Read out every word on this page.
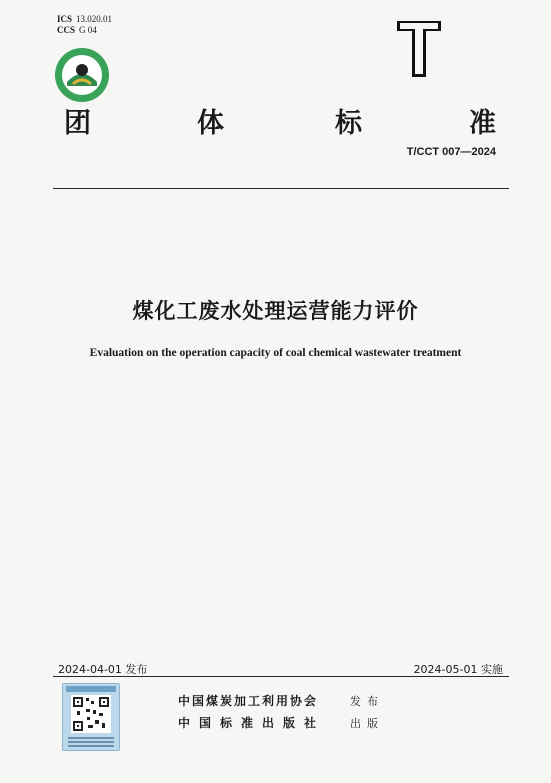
ICS 13.020.01
CCS G 04
团	体	标	准
T/CCT 007—2024
煤化工废水处理运营能力评价
Evaluation on the operation capacity of coal chemical wastewater treatment
2024-04-01 发布	2024-05-01 实施
中国煤炭加工利用协会	发布
中国标准出版社 出版
